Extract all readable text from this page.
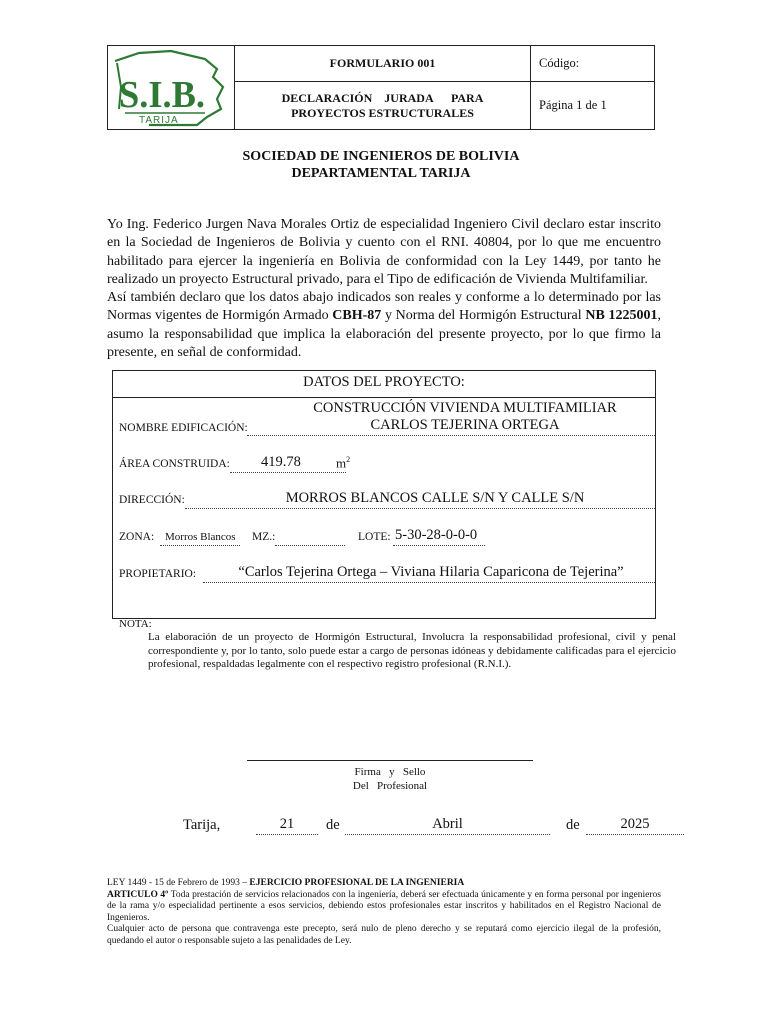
S.I.B.
TARIJA
FORMULARIO 001	Código:
DECLARACIÓN    JURADA      PARA
PROYECTOS ESTRUCTURALES
Página 1 de 1
SOCIEDAD DE INGENIEROS DE BOLIVIA
DEPARTAMENTAL TARIJA
Yo Ing. Federico Jurgen Nava Morales Ortiz de especialidad Ingeniero Civil declaro estar inscrito en la Sociedad de Ingenieros de Bolivia y cuento con el RNI. 40804, por lo que me encuentro habilitado para ejercer la ingeniería en Bolivia de conformidad con la Ley 1449, por tanto he realizado un proyecto Estructural privado, para el Tipo de edificación de Vivienda Multifamiliar.
Así también declaro que los datos abajo indicados son reales y conforme a lo determinado por las Normas vigentes de Hormigón Armado CBH-87 y Norma del Hormigón Estructural NB 1225001, asumo la responsabilidad que implica la elaboración del presente proyecto, por lo que firmo la presente, en señal de conformidad.
DATOS DEL PROYECTO:
NOMBRE EDIFICACIÓN:
CONSTRUCCIÓN VIVIENDA MULTIFAMILIAR
CARLOS TEJERINA ORTEGA
ÁREA CONSTRUIDA: 419.78	$m^2$
DIRECCIÓN:	MORROS BLANCOS CALLE S/N Y CALLE S/N
ZONA: Morros Blancos MZ.:	LOTE: 5-30-28-0-0-0
PROPIETARIO:	“Carlos Tejerina Ortega – Viviana Hilaria Caparicona de Tejerina”
NOTA:
La elaboración de un proyecto de Hormigón Estructural, Involucra la responsabilidad profesional, civil y penal correspondiente y, por lo tanto, solo puede estar a cargo de personas idóneas y debidamente calificadas para el ejercicio profesional, respaldadas legalmente con el respectivo registro profesional (R.N.I.).
Firma   y   Sello
Del   Profesional
Tarija,	21	de	Abril	de	2025
LEY 1449 - 15 de Febrero de 1993 – EJERCICIO PROFESIONAL DE LA INGENIERIA
ARTICULO 4º Toda prestación de servicios relacionados con la ingeniería, deberá ser efectuada únicamente y en forma personal por ingenieros de la rama y/o especialidad pertinente a esos servicios, debiendo estos profesionales estar inscritos y habilitados en el Registro Nacional de Ingenieros.
Cualquier acto de persona que contravenga este precepto, será nulo de pleno derecho y se reputará como ejercicio ilegal de la profesión, quedando el autor o responsable sujeto a las penalidades de Ley.
